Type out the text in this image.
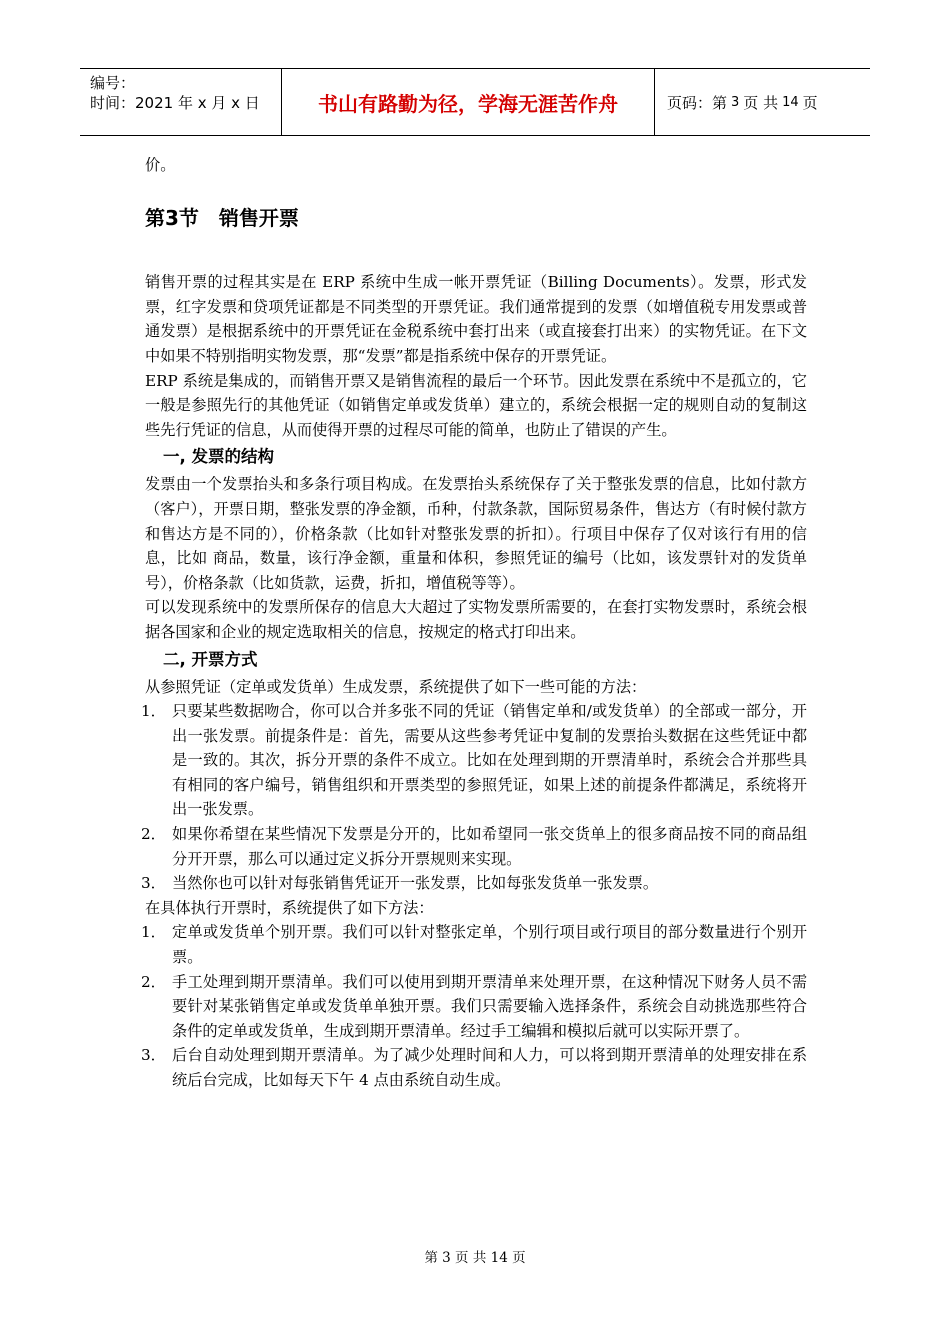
编号：
时间：2021 年 x 月 x 日	书山有路勤为径，学海无涯苦作舟	页码：第 3 页 共 14 页

价。

第3节　销售开票

销售开票的过程其实是在 ERP 系统中生成一帐开票凭证（Billing Documents）。发票，形式发票，红字发票和贷项凭证都是不同类型的开票凭证。我们通常提到的发票（如增值税专用发票或普通发票）是根据系统中的开票凭证在金税系统中套打出来（或直接套打出来）的实物凭证。在下文中如果不特别指明实物发票，那“发票”都是指系统中保存的开票凭证。

ERP 系统是集成的，而销售开票又是销售流程的最后一个环节。因此发票在系统中不是孤立的，它一般是参照先行的其他凭证（如销售定单或发货单）建立的，系统会根据一定的规则自动的复制这些先行凭证的信息，从而使得开票的过程尽可能的简单，也防止了错误的产生。

一, 发票的结构

发票由一个发票抬头和多条行项目构成。在发票抬头系统保存了关于整张发票的信息，比如付款方（客户），开票日期，整张发票的净金额，币种，付款条款，国际贸易条件，售达方（有时候付款方和售达方是不同的），价格条款（比如针对整张发票的折扣）。行项目中保存了仅对该行有用的信息，比如 商品，数量，该行净金额，重量和体积，参照凭证的编号（比如，该发票针对的发货单号），价格条款（比如货款，运费，折扣，增值税等等）。

可以发现系统中的发票所保存的信息大大超过了实物发票所需要的，在套打实物发票时，系统会根据各国家和企业的规定选取相关的信息，按规定的格式打印出来。

二, 开票方式

从参照凭证（定单或发货单）生成发票，系统提供了如下一些可能的方法：

1． 只要某些数据吻合，你可以合并多张不同的凭证（销售定单和/或发货单）的全部或一部分，开出一张发票。前提条件是：首先，需要从这些参考凭证中复制的发票抬头数据在这些凭证中都是一致的。其次，拆分开票的条件不成立。比如在处理到期的开票清单时，系统会合并那些具有相同的客户编号，销售组织和开票类型的参照凭证，如果上述的前提条件都满足，系统将开出一张发票。

2． 如果你希望在某些情况下发票是分开的，比如希望同一张交货单上的很多商品按不同的商品组分开开票，那么可以通过定义拆分开票规则来实现。

3． 当然你也可以针对每张销售凭证开一张发票，比如每张发货单一张发票。

在具体执行开票时，系统提供了如下方法：

1． 定单或发货单个别开票。我们可以针对整张定单，个别行项目或行项目的部分数量进行个别开票。

2． 手工处理到期开票清单。我们可以使用到期开票清单来处理开票，在这种情况下财务人员不需要针对某张销售定单或发货单单独开票。我们只需要输入选择条件，系统会自动挑选那些符合条件的定单或发货单，生成到期开票清单。经过手工编辑和模拟后就可以实际开票了。

3． 后台自动处理到期开票清单。为了减少处理时间和人力，可以将到期开票清单的处理安排在系统后台完成，比如每天下午 4 点由系统自动生成。

第 3 页 共 14 页
